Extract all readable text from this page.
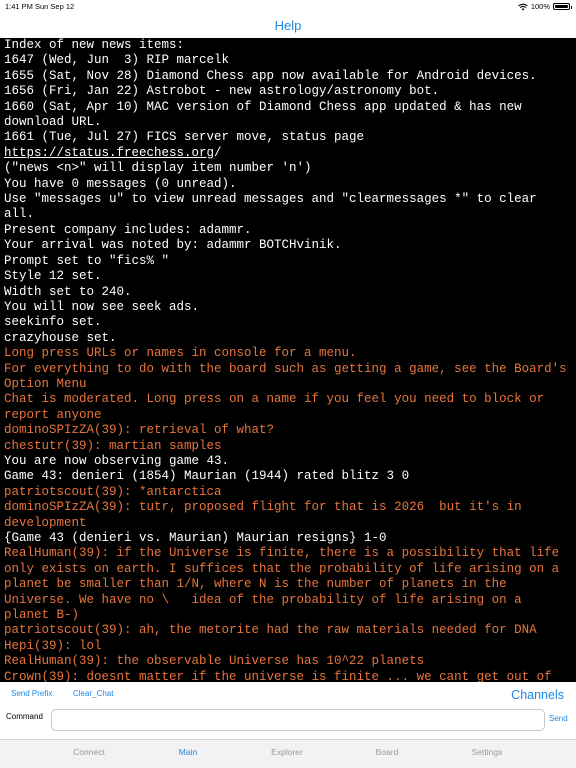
1:41 PM Sun Sep 12	100%
Help
Index of new news items:
1647 (Wed, Jun  3) RIP marcelk
1655 (Sat, Nov 28) Diamond Chess app now available for Android devices.
1656 (Fri, Jan 22) Astrobot - new astrology/astronomy bot.
1660 (Sat, Apr 10) MAC version of Diamond Chess app updated & has new download URL.
1661 (Tue, Jul 27) FICS server move, status page https://status.freechess.org/
("news <n>" will display item number 'n')
You have 0 messages (0 unread).
Use "messages u" to view unread messages and "clearmessages *" to clear all.
Present company includes: adammr.
Your arrival was noted by: adammr BOTCHvinik.
Prompt set to "fics% "
Style 12 set.
Width set to 240.
You will now see seek ads.
seekinfo set.
crazyhouse set.
Long press URLs or names in console for a menu.
For everything to do with the board such as getting a game, see the Board's Option Menu
Chat is moderated. Long press on a name if you feel you need to block or report anyone
dominoSPIzZA(39): retrieval of what?
chestutr(39): martian samples
You are now observing game 43.
Game 43: denieri (1854) Maurian (1944) rated blitz 3 0
patriotscout(39): *antarctica
dominoSPIzZA(39): tutr, proposed flight for that is 2026  but it's in development
{Game 43 (denieri vs. Maurian) Maurian resigns} 1-0
RealHuman(39): if the Universe is finite, there is a possibility that life only exists on earth. I suffices that the probability of life arising on a planet be smaller than 1/N, where N is the number of planets in the Universe. We have no \   idea of the probability of life arising on a planet B-)
patriotscout(39): ah, the metorite had the raw materials needed for DNA
Hepi(39): lol
RealHuman(39): the observable Universe has 10^22 planets
Crown(39): doesnt matter if the universe is finite ... we cant get out of
Send Prefix	Clear_Chat	Channels
Command	Send
Connect	Main	Explorer	Board	Settings
